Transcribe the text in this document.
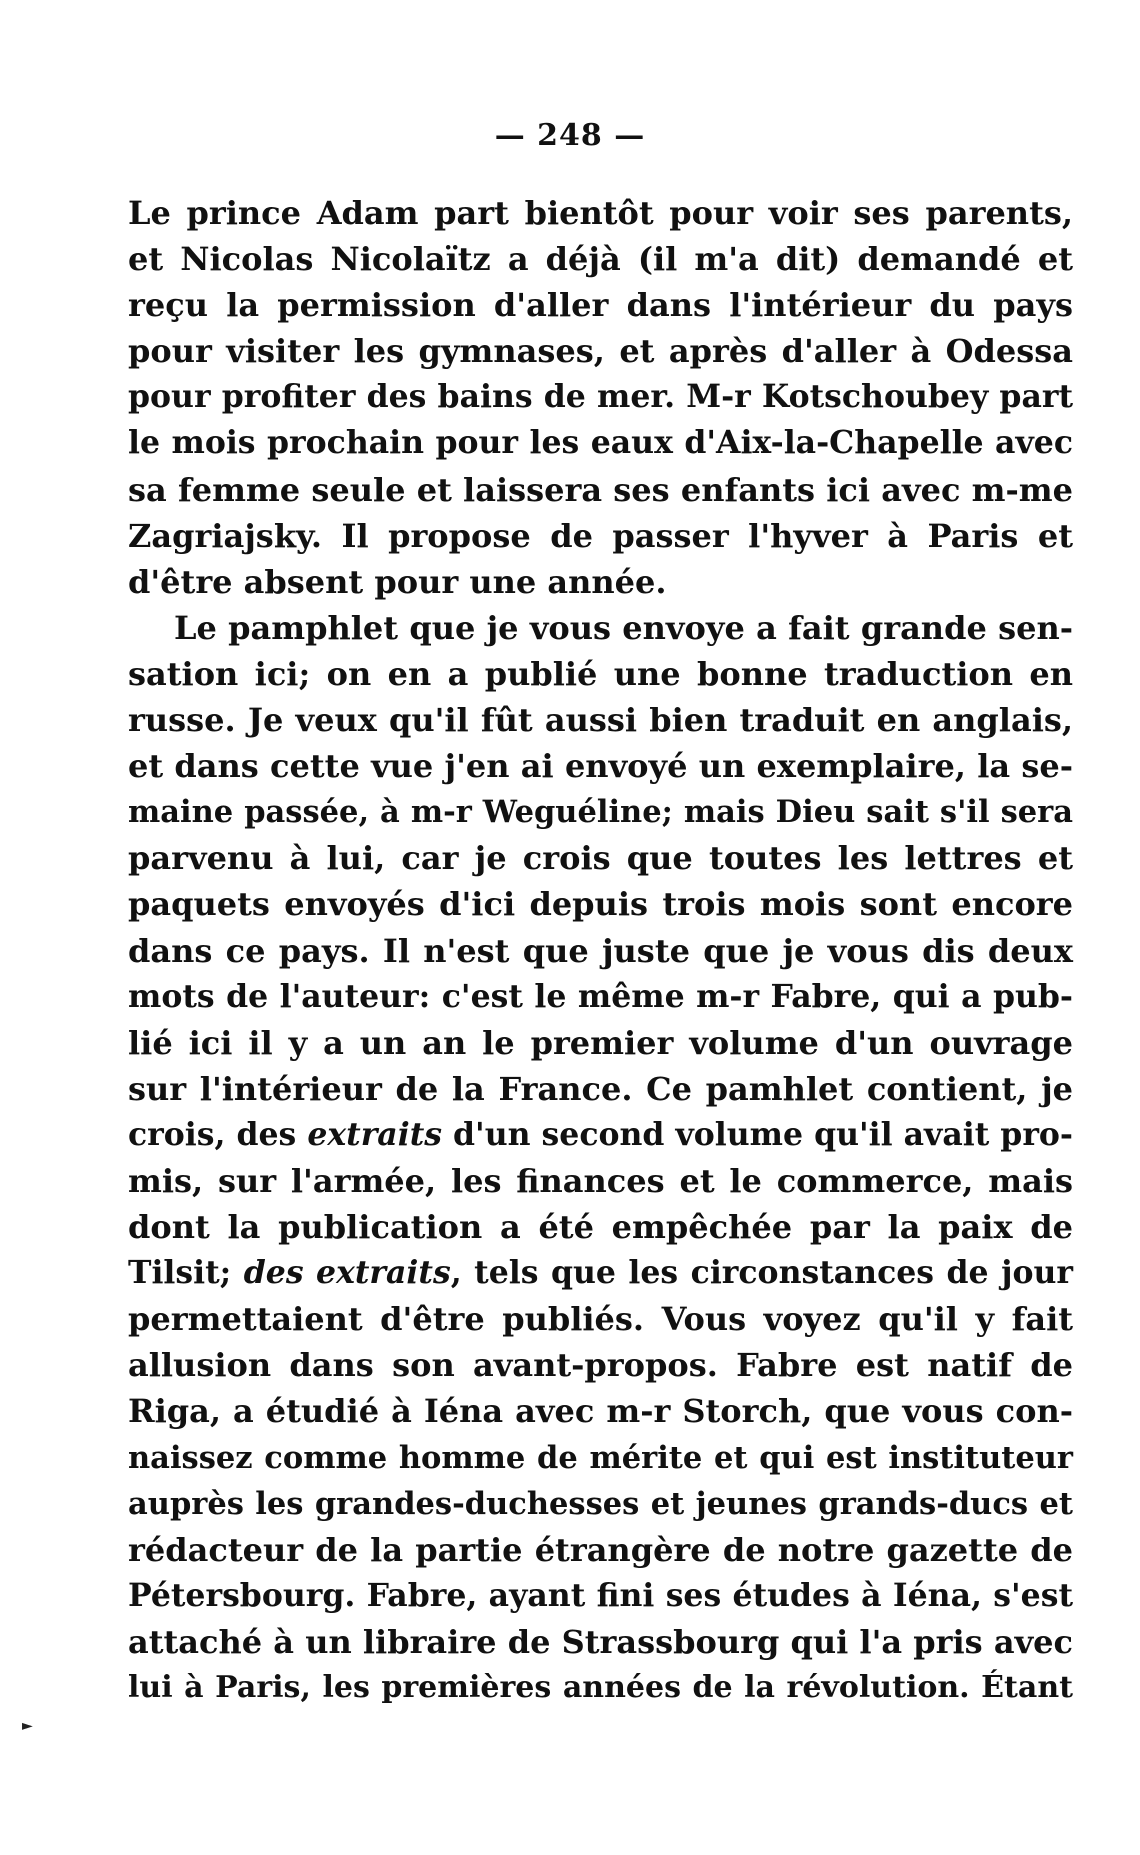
— 248 —
Le prince Adam part bientôt pour voir ses parents,
et Nicolas Nicolaïtz a déjà (il m'a dit) demandé et
reçu la permission d'aller dans l'intérieur du pays
pour visiter les gymnases, et après d'aller à Odessa
pour profiter des bains de mer. M-r Kotschoubey part
le mois prochain pour les eaux d'Aix-la-Chapelle avec
sa femme seule et laissera ses enfants ici avec m-me
Zagriajsky. Il propose de passer l'hyver à Paris et
d'être absent pour une année.
Le pamphlet que je vous envoye a fait grande sen-
sation ici; on en a publié une bonne traduction en
russe. Je veux qu'il fût aussi bien traduit en anglais,
et dans cette vue j'en ai envoyé un exemplaire, la se-
maine passée, à m-r Weguéline; mais Dieu sait s'il sera
parvenu à lui, car je crois que toutes les lettres et
paquets envoyés d'ici depuis trois mois sont encore
dans ce pays. Il n'est que juste que je vous dis deux
mots de l'auteur: c'est le même m-r Fabre, qui a pub-
lié ici il y a un an le premier volume d'un ouvrage
sur l'intérieur de la France. Ce pamhlet contient, je
crois, des extraits d'un second volume qu'il avait pro-
mis, sur l'armée, les finances et le commerce, mais
dont la publication a été empêchée par la paix de
Tilsit; des extraits, tels que les circonstances de jour
permettaient d'être publiés. Vous voyez qu'il y fait
allusion dans son avant-propos. Fabre est natif de
Riga, a étudié à Iéna avec m-r Storch, que vous con-
naissez comme homme de mérite et qui est instituteur
auprès les grandes-duchesses et jeunes grands-ducs et
rédacteur de la partie étrangère de notre gazette de
Pétersbourg. Fabre, ayant fini ses études à Iéna, s'est
attaché à un libraire de Strassbourg qui l'a pris avec
lui à Paris, les premières années de la révolution. Étant
►
